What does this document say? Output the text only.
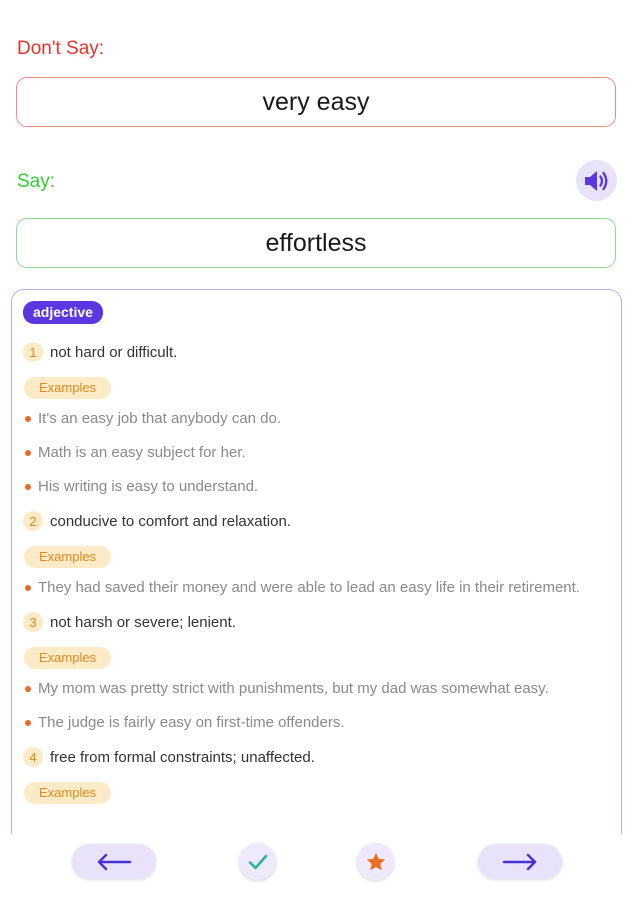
Don't Say:
very easy
Say:
effortless
adjective
1 not hard or difficult.
Examples
It's an easy job that anybody can do.
Math is an easy subject for her.
His writing is easy to understand.
2 conducive to comfort and relaxation.
Examples
They had saved their money and were able to lead an easy life in their retirement.
3 not harsh or severe; lenient.
Examples
My mom was pretty strict with punishments, but my dad was somewhat easy.
The judge is fairly easy on first-time offenders.
4 free from formal constraints; unaffected.
Examples
